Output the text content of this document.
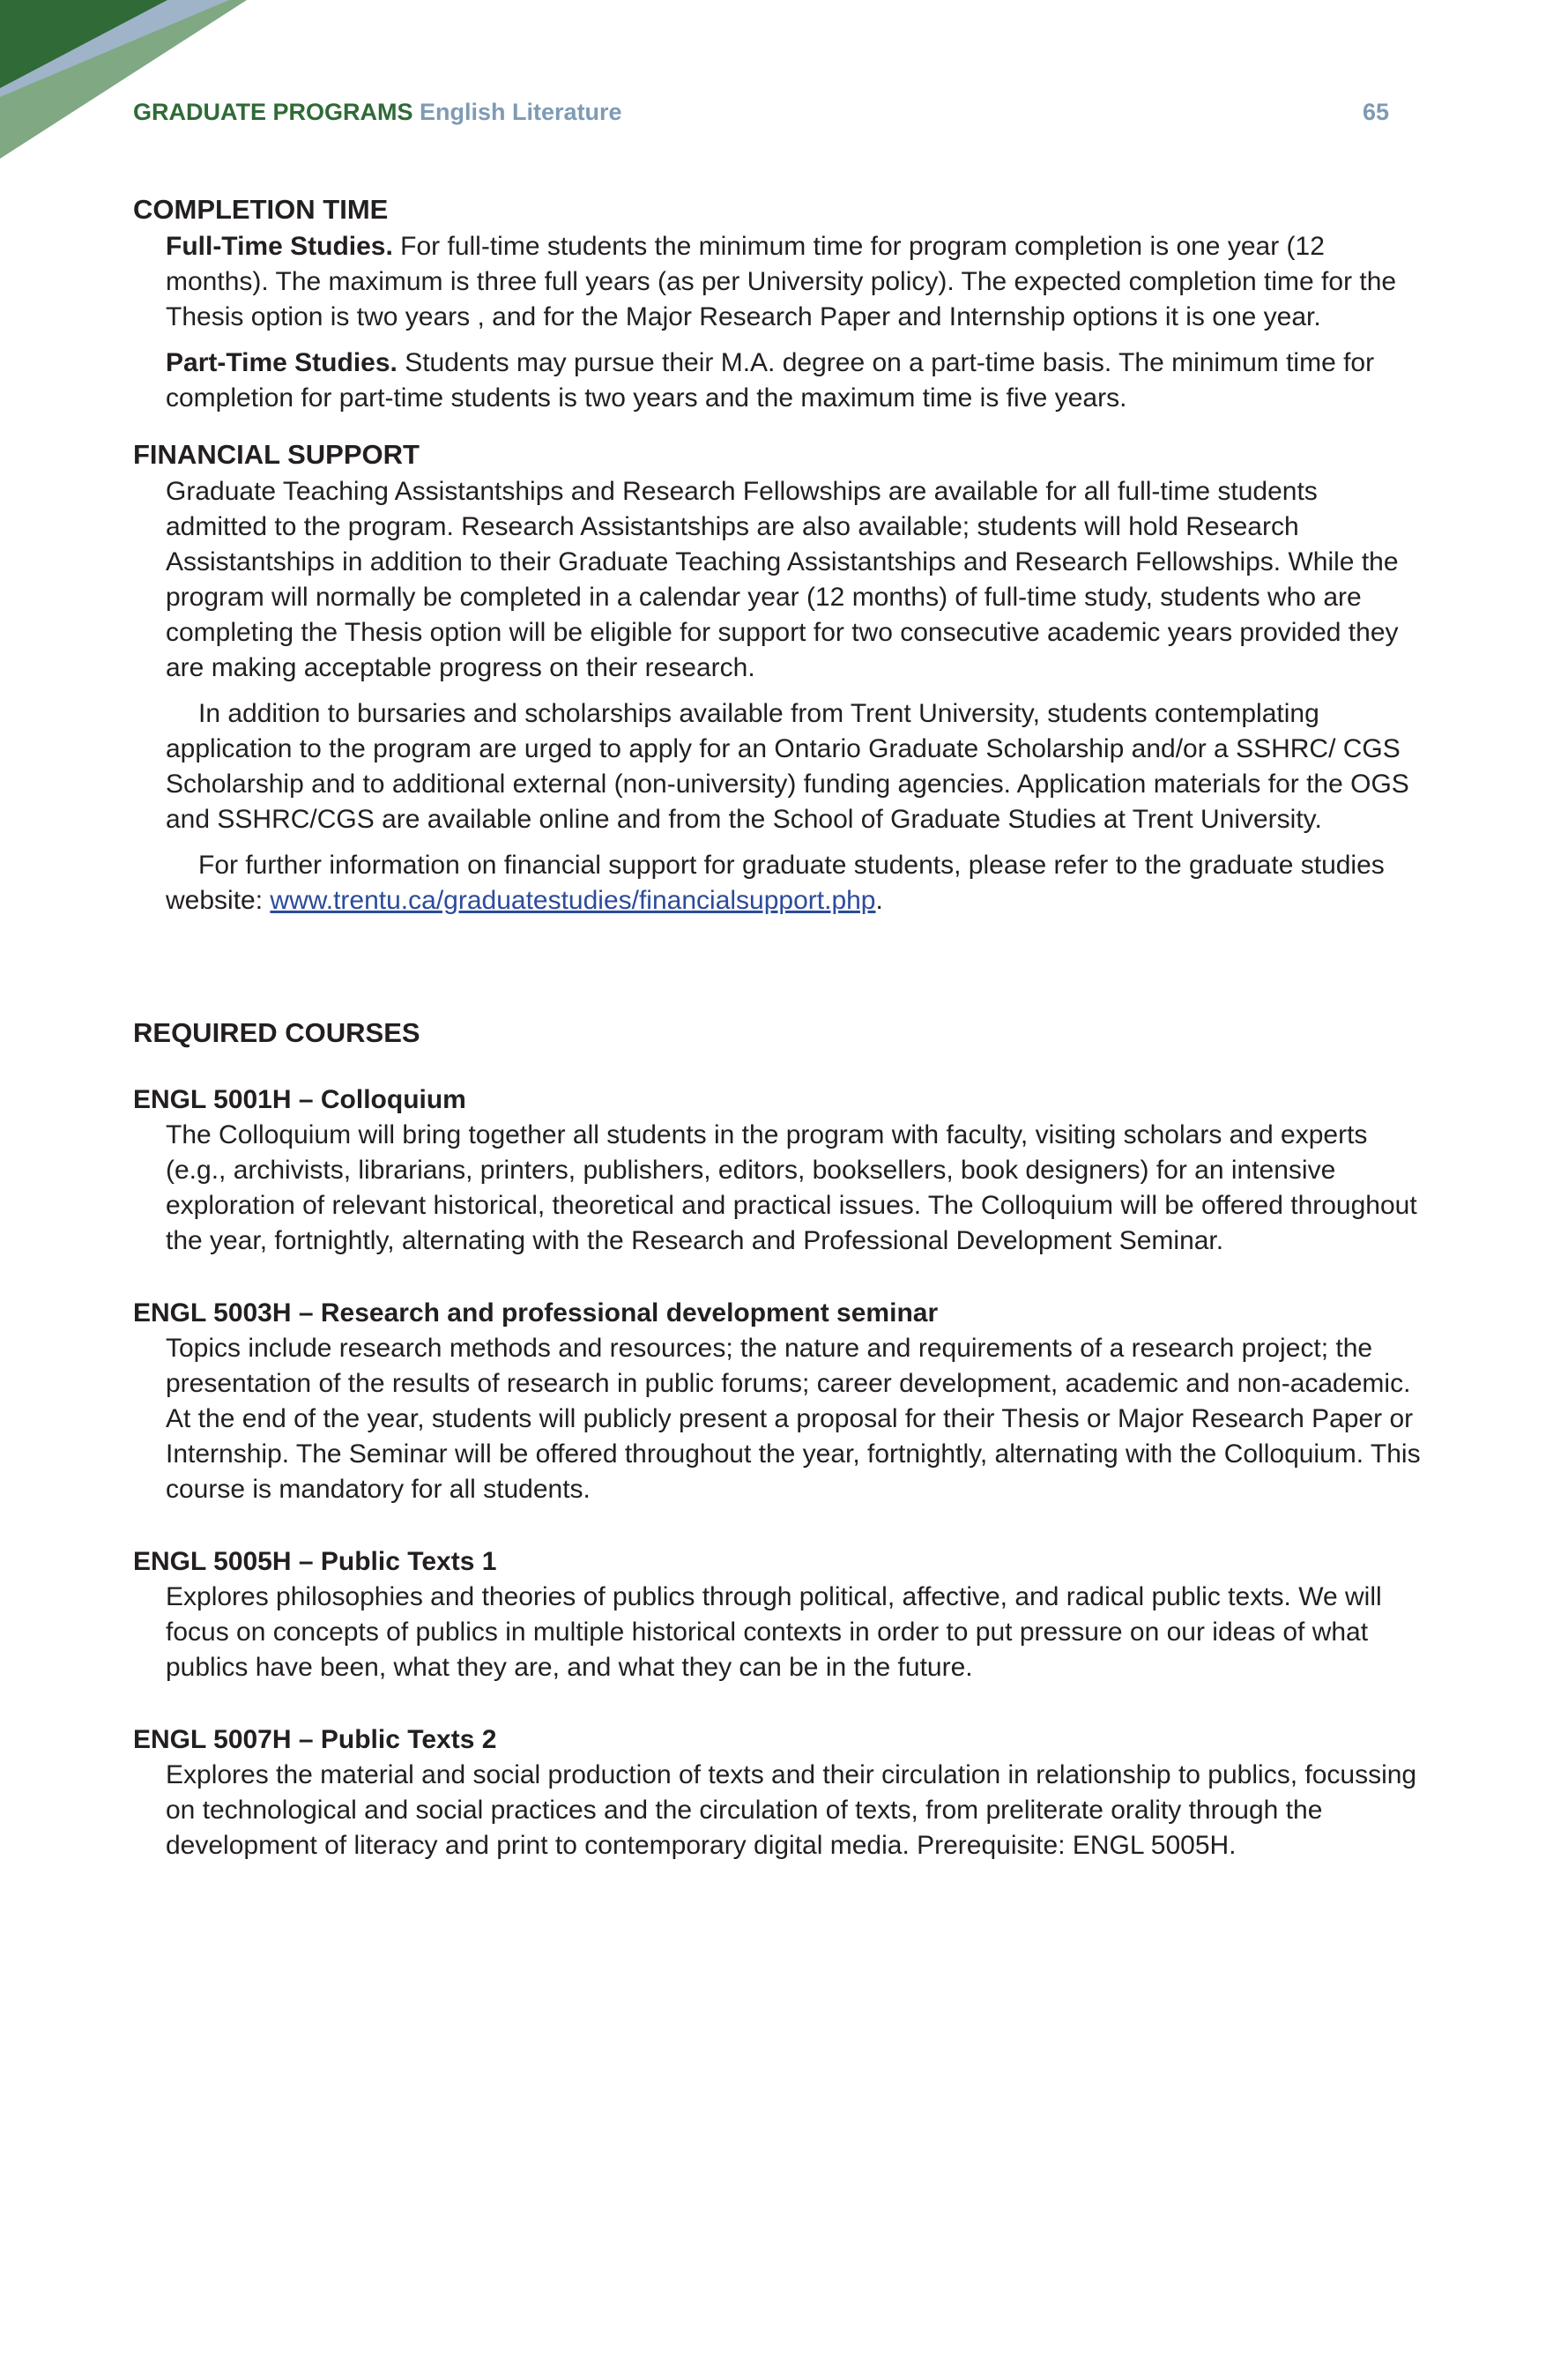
GRADUATE PROGRAMS English Literature	65
COMPLETION TIME

Full-Time Studies. For full-time students the minimum time for program completion is one year (12 months). The maximum is three full years (as per University policy). The expected completion time for the Thesis option is two years , and for the Major Research Paper and Internship options it is one year.

Part-Time Studies. Students may pursue their M.A. degree on a part-time basis. The minimum time for completion for part-time students is two years and the maximum time is five years.

FINANCIAL SUPPORT

Graduate Teaching Assistantships and Research Fellowships are available for all full-time students admitted to the program. Research Assistantships are also available; students will hold Research Assistantships in addition to their Graduate Teaching Assistantships and Research Fellowships. While the program will normally be completed in a calendar year (12 months) of full-time study, students who are completing the Thesis option will be eligible for support for two consecutive academic years provided they are making acceptable progress on their research.

In addition to bursaries and scholarships available from Trent University, students contemplating application to the program are urged to apply for an Ontario Graduate Scholarship and/or a SSHRC/ CGS Scholarship and to additional external (non-university) funding agencies. Application materials for the OGS and SSHRC/CGS are available online and from the School of Graduate Studies at Trent University.

For further information on financial support for graduate students, please refer to the graduate studies website: www.trentu.ca/graduatestudies/financialsupport.php.

REQUIRED COURSES
ENGL 5001H – Colloquium

The Colloquium will bring together all students in the program with faculty, visiting scholars and experts (e.g., archivists, librarians, printers, publishers, editors, booksellers, book designers) for an intensive exploration of relevant historical, theoretical and practical issues. The Colloquium will be offered throughout the year, fortnightly, alternating with the Research and Professional Development Seminar.

ENGL 5003H – Research and professional development seminar

Topics include research methods and resources; the nature and requirements of a research project; the presentation of the results of research in public forums; career development, academic and non-academic. At the end of the year, students will publicly present a proposal for their Thesis or Major Research Paper or Internship. The Seminar will be offered throughout the year, fortnightly, alternating with the Colloquium. This course is mandatory for all students.

ENGL 5005H – Public Texts 1

Explores philosophies and theories of publics through political, affective, and radical public texts. We will focus on concepts of publics in multiple historical contexts in order to put pressure on our ideas of what publics have been, what they are, and what they can be in the future.

ENGL 5007H – Public Texts 2

Explores the material and social production of texts and their circulation in relationship to publics, focussing on technological and social practices and the circulation of texts, from preliterate orality through the development of literacy and print to contemporary digital media. Prerequisite: ENGL 5005H.
